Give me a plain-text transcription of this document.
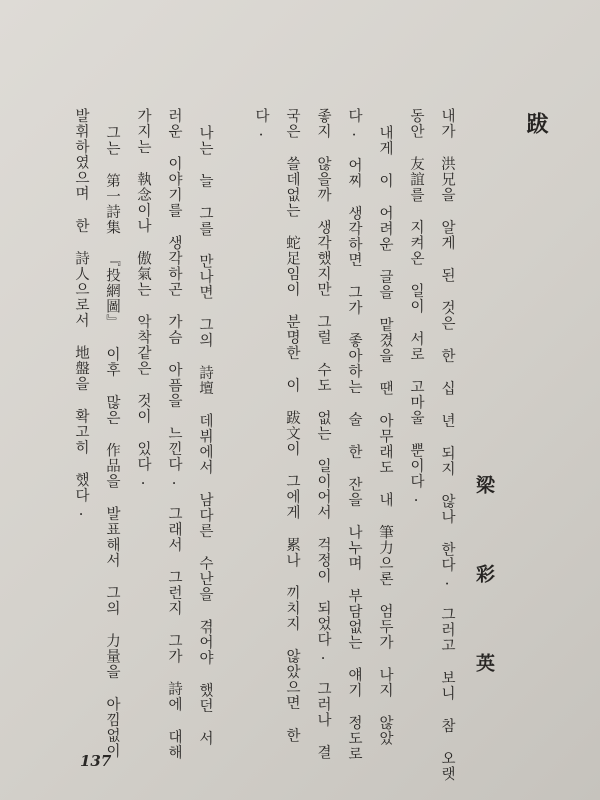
跋
梁 彩 英
내가 洪兄을 알게 된 것은 한 십 년 되지 않나 한다. 그러고 보니 참 오랫
동안 友誼를 지켜온 일이 서로 고마울 뿐이다.
내게 이 어려운 글을 맡겼을 땐 아무래도 내 筆力으론 엄두가 나지 않았
다. 어찌 생각하면 그가 좋아하는 술 한 잔을 나누며 부담없는 얘기 정도로
좋지 않을까 생각했지만 그럴 수도 없는 일이어서 걱정이 되었다. 그러나 결
국은 쓸데없는 蛇足임이 분명한 이 跋文이 그에게 累나 끼치지 않았으면 한
다.
나는 늘 그를 만나면 그의 詩壇 데뷔에서 남다른 수난을 겪어야 했던 서
러운 이야기를 생각하곤 가슴 아픔을 느낀다. 그래서 그런지 그가 詩에 대해
가지는 執念이나 傲氣는 악착같은 것이 있다.
그는 第一詩集 『投網圖』 이후 많은 作品을 발표해서 그의 力量을 아낌없이
발휘하였으며 한 詩人으로서 地盤을 확고히 했다.
137
